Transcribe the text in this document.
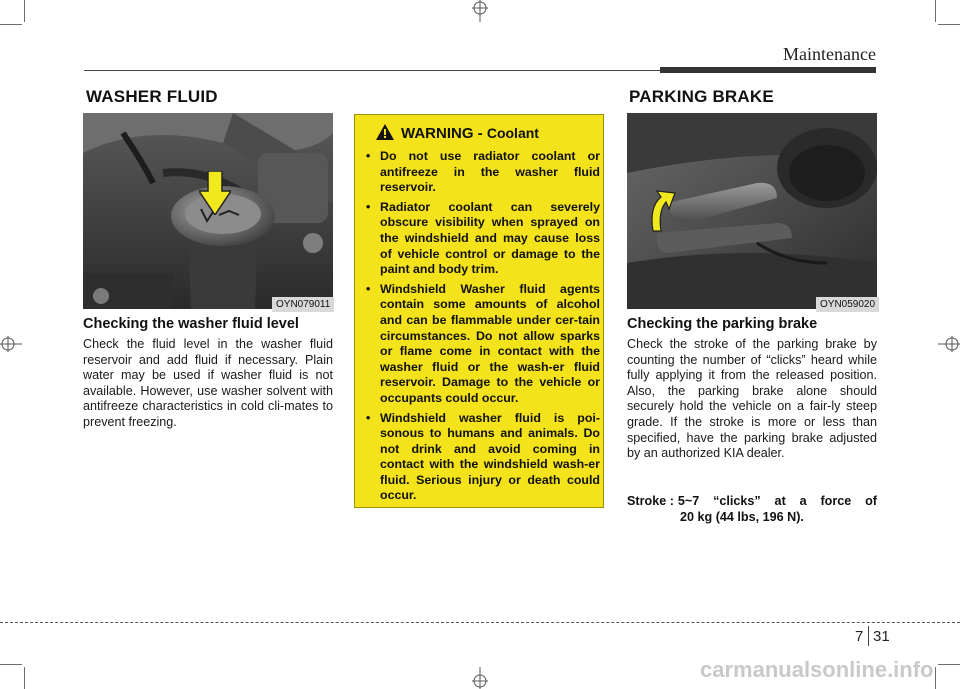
Maintenance
WASHER FLUID
OYN079011
Checking the washer fluid level
Check the fluid level in the washer fluid reservoir and add fluid if necessary. Plain water may be used if washer fluid is not available. However, use washer solvent with antifreeze characteristics in cold cli-mates to prevent freezing.
WARNING - Coolant
• Do not use radiator coolant or antifreeze in the washer fluid reservoir.
• Radiator coolant can severely obscure visibility when sprayed on the windshield and may cause loss of vehicle control or damage to the paint and body trim.
• Windshield Washer fluid agents contain some amounts of alcohol and can be flammable under cer-tain circumstances. Do not allow sparks or flame come in contact with the washer fluid or the wash-er fluid reservoir. Damage to the vehicle or occupants could occur.
• Windshield washer fluid is poi-sonous to humans and animals. Do not drink and avoid coming in contact with the windshield wash-er fluid. Serious injury or death could occur.
PARKING BRAKE
OYN059020
Checking the parking brake
Check the stroke of the parking brake by counting the number of “clicks” heard while fully applying it from the released position. Also, the parking brake alone should securely hold the vehicle on a fair-ly steep grade. If the stroke is more or less than specified, have the parking brake adjusted by an authorized KIA dealer.
Stroke : 5~7 “clicks” at a force of
20 kg (44 lbs, 196 N).
7 31
carmanualsonline.info
